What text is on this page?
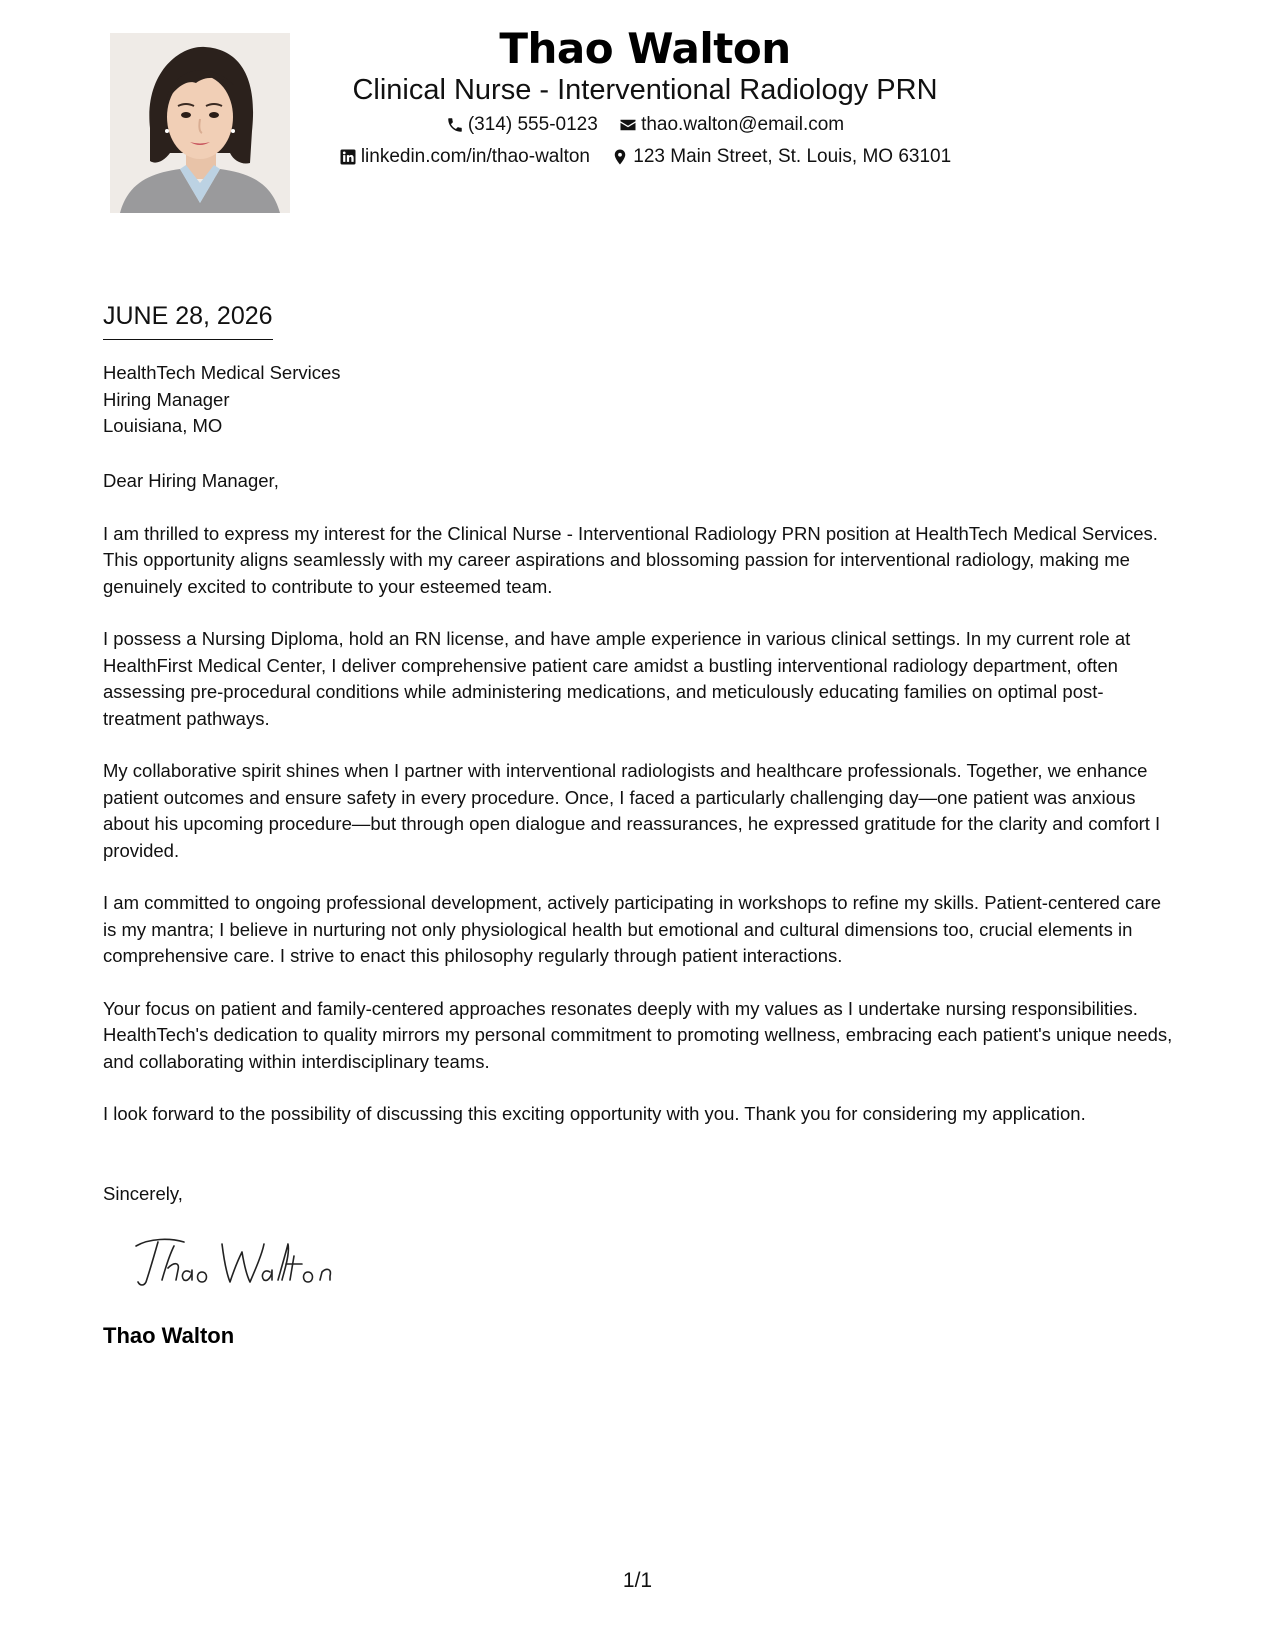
Thao Walton
Clinical Nurse - Interventional Radiology PRN
(314) 555-0123
thao.walton@email.com
linkedin.com/in/thao-walton
123 Main Street, St. Louis, MO 63101
JUNE 28, 2026
HealthTech Medical Services
Hiring Manager
Louisiana, MO

Dear Hiring Manager,

I am thrilled to express my interest for the Clinical Nurse - Interventional Radiology PRN position at HealthTech Medical Services. This opportunity aligns seamlessly with my career aspirations and blossoming passion for interventional radiology, making me genuinely excited to contribute to your esteemed team.

I possess a Nursing Diploma, hold an RN license, and have ample experience in various clinical settings. In my current role at HealthFirst Medical Center, I deliver comprehensive patient care amidst a bustling interventional radiology department, often assessing pre-procedural conditions while administering medications, and meticulously educating families on optimal post-treatment pathways.

My collaborative spirit shines when I partner with interventional radiologists and healthcare professionals. Together, we enhance patient outcomes and ensure safety in every procedure. Once, I faced a particularly challenging day—one patient was anxious about his upcoming procedure—but through open dialogue and reassurances, he expressed gratitude for the clarity and comfort I provided.

I am committed to ongoing professional development, actively participating in workshops to refine my skills. Patient-centered care is my mantra; I believe in nurturing not only physiological health but emotional and cultural dimensions too, crucial elements in comprehensive care. I strive to enact this philosophy regularly through patient interactions.

Your focus on patient and family-centered approaches resonates deeply with my values as I undertake nursing responsibilities. HealthTech's dedication to quality mirrors my personal commitment to promoting wellness, embracing each patient's unique needs, and collaborating within interdisciplinary teams.

I look forward to the possibility of discussing this exciting opportunity with you. Thank you for considering my application.

Sincerely,
Thao Walton
1/1
